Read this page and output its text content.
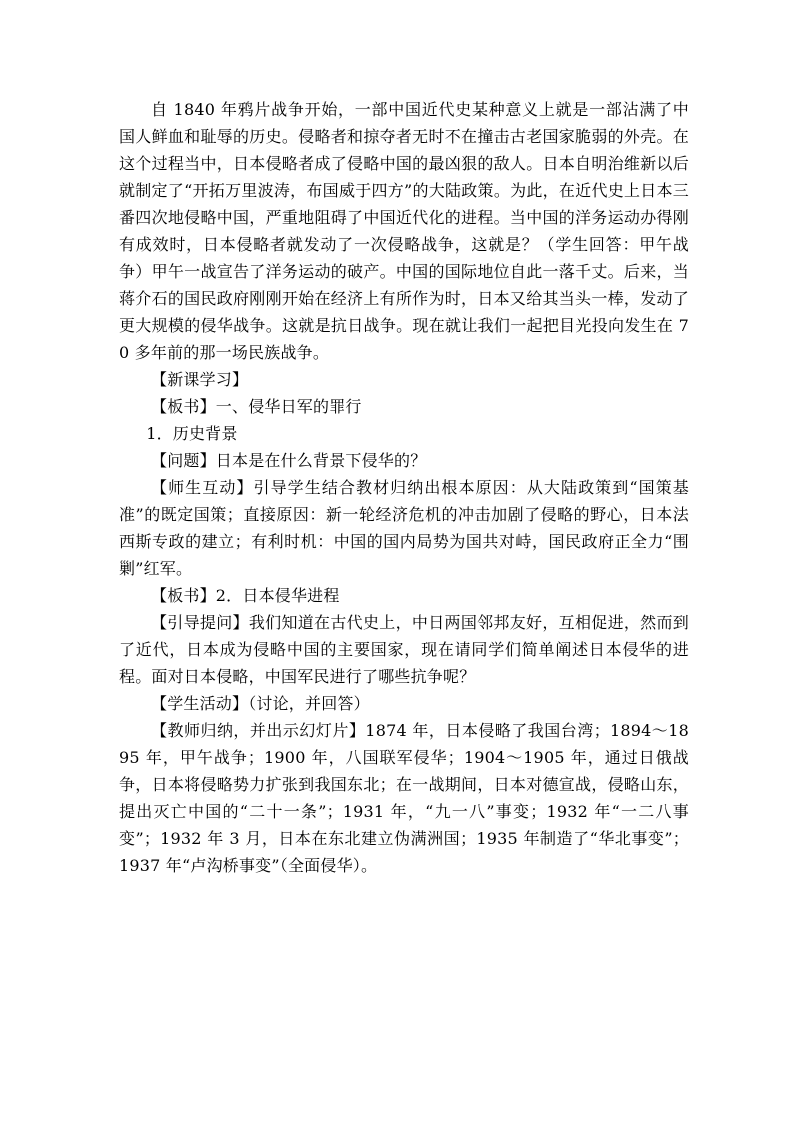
自 1840 年鸦片战争开始，一部中国近代史某种意义上就是一部沾满了中国人鲜血和耻辱的历史。侵略者和掠夺者无时不在撞击古老国家脆弱的外壳。在这个过程当中，日本侵略者成了侵略中国的最凶狠的敌人。日本自明治维新以后就制定了“开拓万里波涛，布国威于四方”的大陆政策。为此，在近代史上日本三番四次地侵略中国，严重地阻碍了中国近代化的进程。当中国的洋务运动办得刚有成效时，日本侵略者就发动了一次侵略战争，这就是？（学生回答：甲午战争）甲午一战宣告了洋务运动的破产。中国的国际地位自此一落千丈。后来，当蒋介石的国民政府刚刚开始在经济上有所作为时，日本又给其当头一棒，发动了更大规模的侵华战争。这就是抗日战争。现在就让我们一起把目光投向发生在 70 多年前的那一场民族战争。

【新课学习】

【板书】一、侵华日军的罪行

1．历史背景

【问题】日本是在什么背景下侵华的？

【师生互动】引导学生结合教材归纳出根本原因：从大陆政策到“国策基准”的既定国策；直接原因：新一轮经济危机的冲击加剧了侵略的野心，日本法西斯专政的建立；有利时机：中国的国内局势为国共对峙，国民政府正全力“围剿”红军。

【板书】2．日本侵华进程

【引导提问】我们知道在古代史上，中日两国邻邦友好，互相促进，然而到了近代，日本成为侵略中国的主要国家，现在请同学们简单阐述日本侵华的进程。面对日本侵略，中国军民进行了哪些抗争呢？

【学生活动】（讨论，并回答）

【教师归纳，并出示幻灯片】1874 年，日本侵略了我国台湾；1894～1895 年，甲午战争；1900 年，八国联军侵华；1904～1905 年，通过日俄战争，日本将侵略势力扩张到我国东北；在一战期间，日本对德宣战，侵略山东，提出灭亡中国的“二十一条”；1931 年，“九一八”事变；1932 年“一二八事变”；1932 年 3 月，日本在东北建立伪满洲国；1935 年制造了“华北事变”；1937 年“卢沟桥事变”（全面侵华）。
